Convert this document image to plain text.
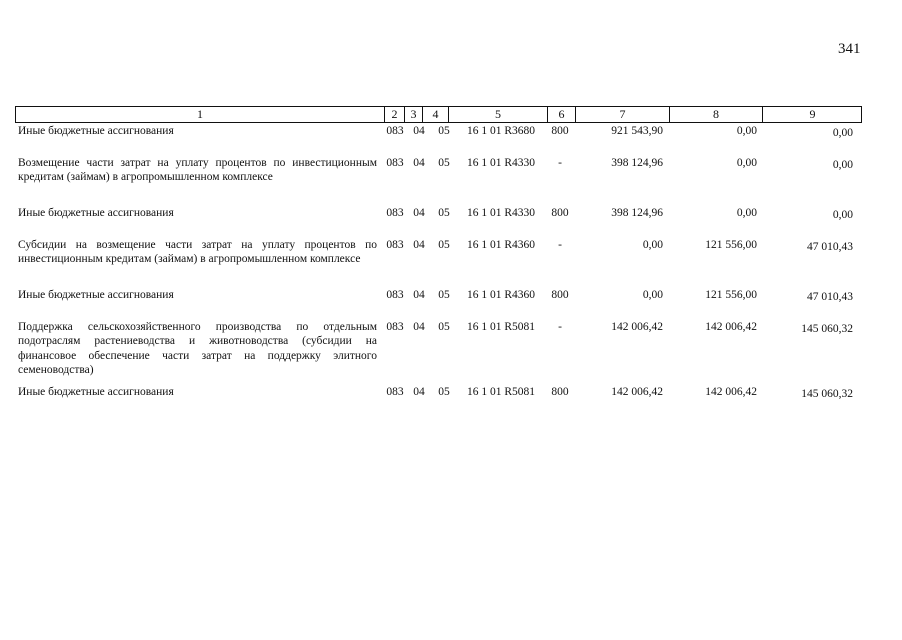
341
1	2	3	4	5	6	7	8	9
Иные бюджетные ассигнования	083 04	05	16 1 01 R3680	800	921 543,90	0,00	0,00
Возмещение части затрат на уплату процентов по инвестиционным кредитам (займам) в агропромышленном комплексе
083 04	05	16 1 01 R4330	-	398 124,96	0,00	0,00
Иные бюджетные ассигнования	083 04	05	16 1 01 R4330	800	398 124,96	0,00	0,00
Субсидии на возмещение части затрат на уплату процентов по инвестиционным кредитам (займам) в агропромышленном комплексе
083 04	05	16 1 01 R4360	-	0,00	121 556,00	47 010,43
Иные бюджетные ассигнования	083 04	05	16 1 01 R4360	800	0,00	121 556,00	47 010,43
Поддержка сельскохозяйственного производства по отдельным подотраслям растениеводства и животноводства (субсидии на финансовое обеспечение части затрат на поддержку элитного семеноводства)
083 04	05	16 1 01 R5081	-	142 006,42	142 006,42	145 060,32
Иные бюджетные ассигнования	083 04	05	16 1 01 R5081	800	142 006,42	142 006,42	145 060,32
